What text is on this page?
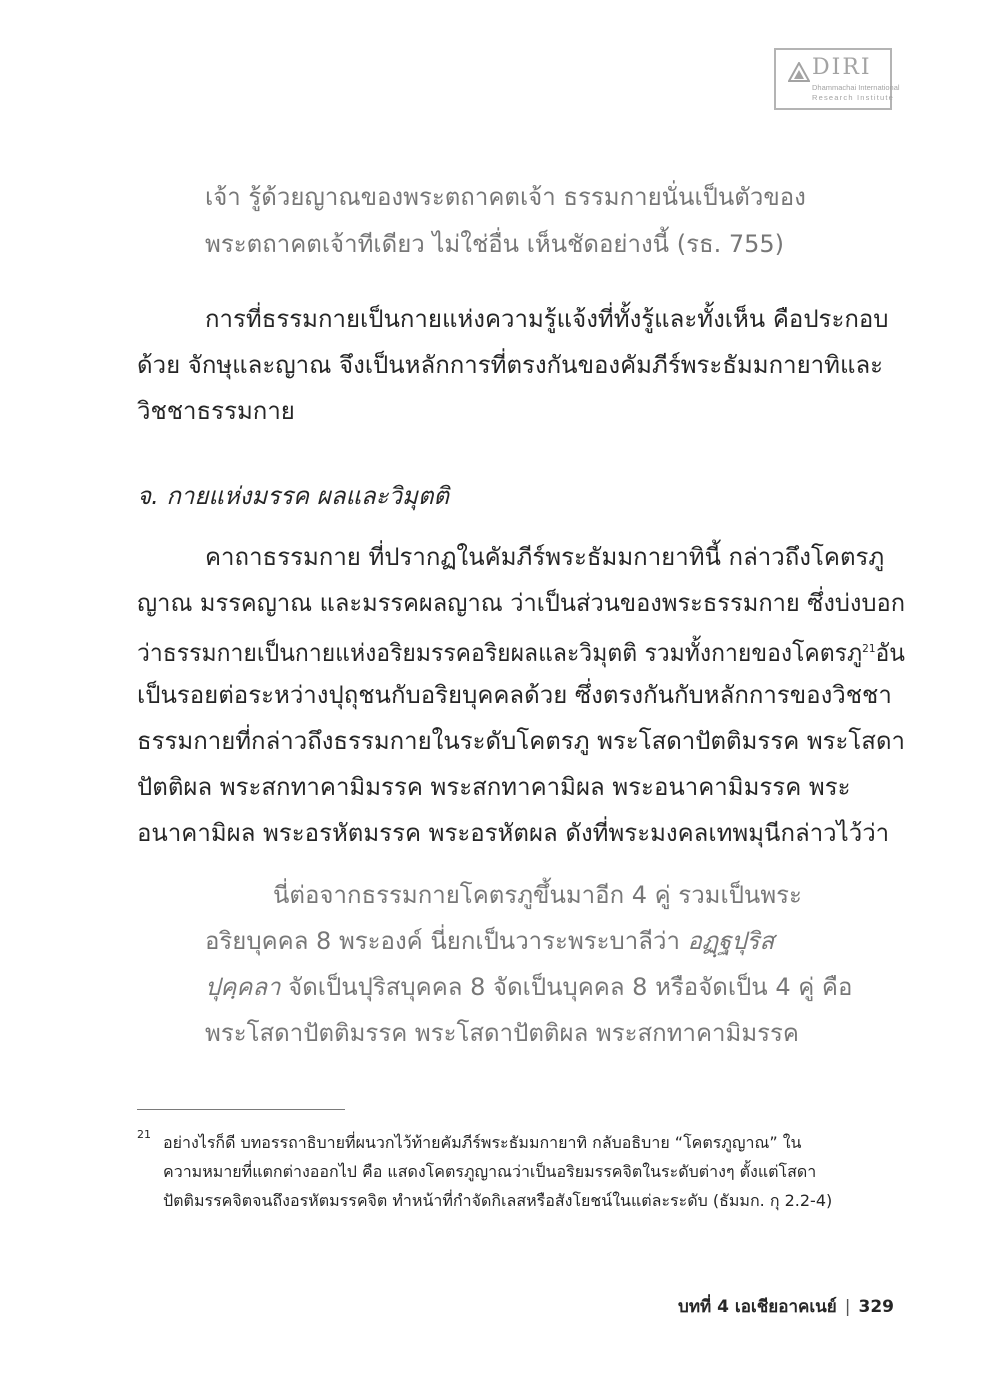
DIRI
Dhammachai International
Research Institute
เจ้า รู้ด้วยญาณของพระตถาคตเจ้า ธรรมกายนั่นเป็นตัวของ
พระตถาคตเจ้าทีเดียว ไม่ใช่อื่น เห็นชัดอย่างนี้ (รธ. 755)
การที่ธรรมกายเป็นกายแห่งความรู้แจ้งที่ทั้งรู้และทั้งเห็น คือประกอบ
ด้วย จักษุและญาณ จึงเป็นหลักการที่ตรงกันของคัมภีร์พระธัมมกายาทิและ
วิชชาธรรมกาย
จ. กายแห่งมรรค ผลและวิมุตติ
คาถาธรรมกาย ที่ปรากฏในคัมภีร์พระธัมมกายาทินี้ กล่าวถึงโคตรภู
ญาณ มรรคญาณ และมรรคผลญาณ ว่าเป็นส่วนของพระธรรมกาย ซึ่งบ่งบอก
ว่าธรรมกายเป็นกายแห่งอริยมรรคอริยผลและวิมุตติ รวมทั้งกายของโคตรภู$^{21}$อัน
เป็นรอยต่อระหว่างปุถุชนกับอริยบุคคลด้วย ซึ่งตรงกันกับหลักการของวิชชา
ธรรมกายที่กล่าวถึงธรรมกายในระดับโคตรภู พระโสดาปัตติมรรค พระโสดา
ปัตติผล พระสกทาคามิมรรค พระสกทาคามิผล พระอนาคามิมรรค พระ
อนาคามิผล พระอรหัตมรรค พระอรหัตผล ดังที่พระมงคลเทพมุนีกล่าวไว้ว่า
นี่ต่อจากธรรมกายโคตรภูขึ้นมาอีก 4 คู่ รวมเป็นพระ
อริยบุคคล 8 พระองค์ นี่ยกเป็นวาระพระบาลีว่า อฏฺฐปุริส
ปุคฺคลา จัดเป็นปุริสบุคคล 8 จัดเป็นบุคคล 8 หรือจัดเป็น 4 คู่ คือ
พระโสดาปัตติมรรค พระโสดาปัตติผล พระสกทาคามิมรรค
21 อย่างไรก็ดี บทอรรถาธิบายที่ผนวกไว้ท้ายคัมภีร์พระธัมมกายาทิ กลับอธิบาย “โคตรภูญาณ” ใน
ความหมายที่แตกต่างออกไป คือ แสดงโคตรภูญาณว่าเป็นอริยมรรคจิตในระดับต่างๆ ตั้งแต่โสดา
ปัตติมรรคจิตจนถึงอรหัตมรรคจิต ทำหน้าที่กำจัดกิเลสหรือสังโยชน์ในแต่ละระดับ (ธัมมก. กุ 2.2-4)
บทที่ 4 เอเชียอาคเนย์ | 329
